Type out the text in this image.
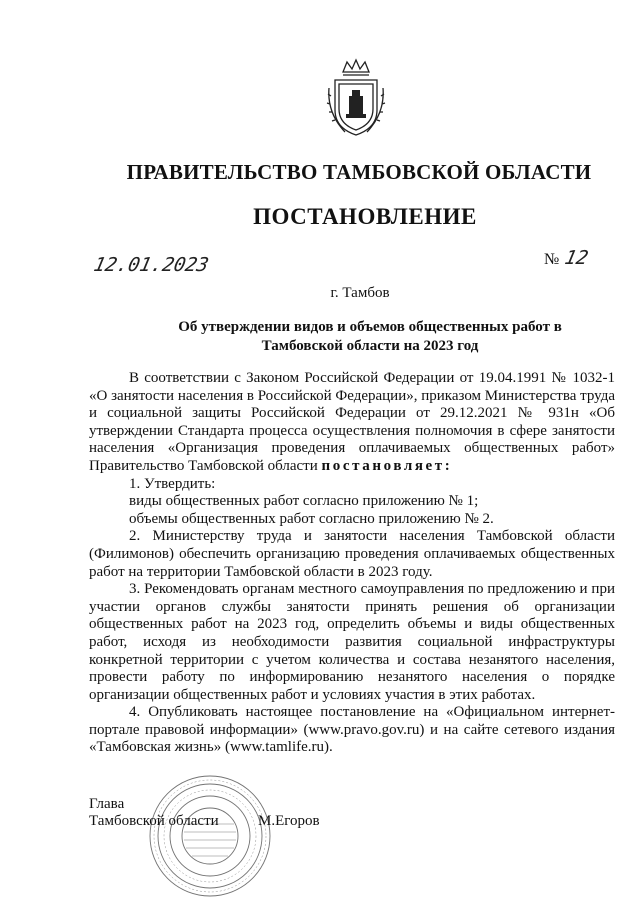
ПРАВИТЕЛЬСТВО ТАМБОВСКОЙ ОБЛАСТИ
ПОСТАНОВЛЕНИЕ
12.01.2023	№ 12
г. Тамбов
Об утверждении видов и объемов общественных работ в
Тамбовской области на 2023 год

В соответствии с Законом Российской Федерации от 19.04.1991 № 1032-1 «О занятости населения в Российской Федерации», приказом Министерства труда и социальной защиты Российской Федерации от 29.12.2021 № 931н «Об утверждении Стандарта процесса осуществления полномочия в сфере занятости населения «Организация проведения оплачиваемых общественных работ» Правительство Тамбовской области постановляет:

1. Утвердить:

виды общественных работ согласно приложению № 1;

объемы общественных работ согласно приложению № 2.

2. Министерству труда и занятости населения Тамбовской области (Филимонов) обеспечить организацию проведения оплачиваемых общественных работ на территории Тамбовской области в 2023 году.

3. Рекомендовать органам местного самоуправления по предложению и при участии органов службы занятости принять решения об организации общественных работ на 2023 год, определить объемы и виды общественных работ, исходя из необходимости развития социальной инфраструктуры конкретной территории с учетом количества и состава незанятого населения, провести работу по информированию незанятого населения о порядке организации общественных работ и условиях участия в этих работах.

4. Опубликовать настоящее постановление на «Официальном интернет-портале правовой информации» (www.pravo.gov.ru) и на сайте сетевого издания «Тамбовская жизнь» (www.tamlife.ru).

Глава
Тамбовской области	М.Егоров
